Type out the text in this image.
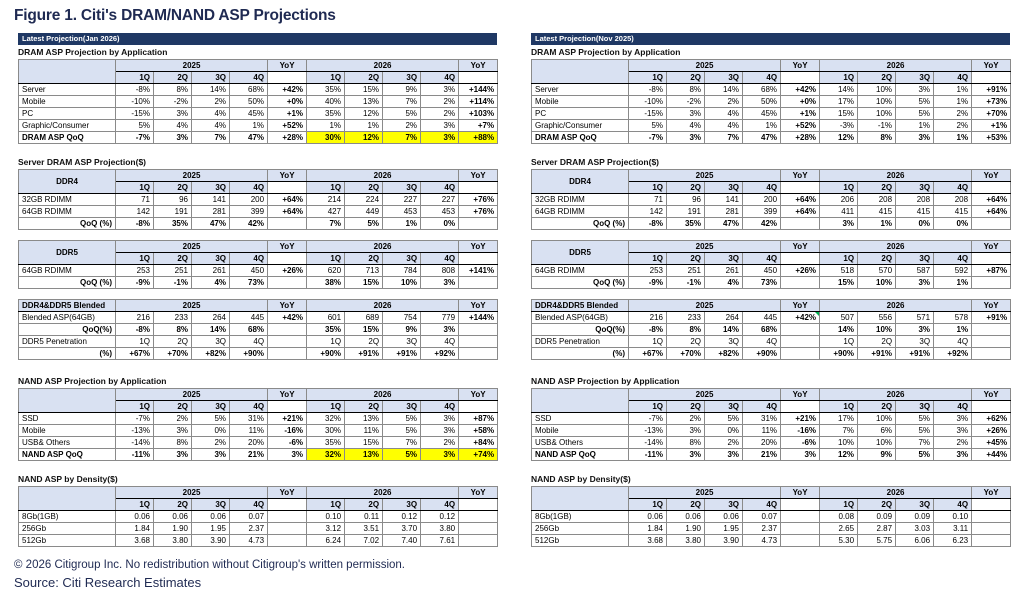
Figure 1. Citi's DRAM/NAND ASP Projections
Latest Projection(Jan 2026)
DRAM ASP Projection by Application
	2025				YoY	2026				YoY
	1Q	2Q	3Q	4Q		1Q	2Q	3Q	4Q	
Server	-8%	8%	14%	68%	+42%	35%	15%	9%	3%	+144%
Mobile	-10%	-2%	2%	50%	+0%	40%	13%	7%	2%	+114%
PC	-15%	3%	4%	45%	+1%	35%	12%	5%	2%	+103%
Graphic/Consumer	5%	4%	4%	1%	+52%	1%	1%	2%	3%	+7%
DRAM ASP QoQ	-7%	3%	7%	47%	+28%	30%	12%	7%	3%	+88%
Server DRAM ASP Projection($)
DDR4	2025				YoY	2026				YoY
	1Q	2Q	3Q	4Q		1Q	2Q	3Q	4Q	
32GB RDIMM	71	96	141	200	+64%	214	224	227	227	+76%
64GB RDIMM	142	191	281	399	+64%	427	449	453	453	+76%
QoQ (%)	-8%	35%	47%	42%		7%	5%	1%	0%	
DDR5	2025				YoY	2026				YoY
	1Q	2Q	3Q	4Q		1Q	2Q	3Q	4Q	
64GB RDIMM	253	251	261	450	+26%	620	713	784	808	+141%
QoQ (%)	-9%	-1%	4%	73%		38%	15%	10%	3%	
DDR4&DDR5 Blended	2025				YoY	2026				YoY
Blended ASP(64GB)	216	233	264	445	+42%	601	689	754	779	+144%
QoQ(%)	-8%	8%	14%	68%		35%	15%	9%	3%	
DDR5 Penetration	1Q	2Q	3Q	4Q		1Q	2Q	3Q	4Q	
(%)	+67%	+70%	+82%	+90%		+90%	+91%	+91%	+92%	
NAND ASP Projection by Application
	2025				YoY	2026				YoY
	1Q	2Q	3Q	4Q		1Q	2Q	3Q	4Q	
SSD	-7%	2%	5%	31%	+21%	32%	13%	5%	3%	+87%
Mobile	-13%	3%	0%	11%	-16%	30%	11%	5%	3%	+58%
USB& Others	-14%	8%	2%	20%	-6%	35%	15%	7%	2%	+84%
NAND ASP QoQ	-11%	3%	3%	21%	3%	32%	13%	5%	3%	+74%
NAND ASP by Density($)
	2025				YoY	2026				YoY
	1Q	2Q	3Q	4Q		1Q	2Q	3Q	4Q	
8Gb(1GB)	0.06	0.06	0.06	0.07		0.10	0.11	0.12	0.12	
256Gb	1.84	1.90	1.95	2.37		3.12	3.51	3.70	3.80	
512Gb	3.68	3.80	3.90	4.73		6.24	7.02	7.40	7.61	
Latest Projection(Nov 2025)
DRAM ASP Projection by Application
	2025				YoY	2026				YoY
	1Q	2Q	3Q	4Q		1Q	2Q	3Q	4Q	
Server	-8%	8%	14%	68%	+42%	14%	10%	3%	1%	+91%
Mobile	-10%	-2%	2%	50%	+0%	17%	10%	5%	1%	+73%
PC	-15%	3%	4%	45%	+1%	15%	10%	5%	2%	+70%
Graphic/Consumer	5%	4%	4%	1%	+52%	-3%	-1%	1%	2%	+1%
DRAM ASP QoQ	-7%	3%	7%	47%	+28%	12%	8%	3%	1%	+53%
Server DRAM ASP Projection($)
DDR4	2025				YoY	2026				YoY
	1Q	2Q	3Q	4Q		1Q	2Q	3Q	4Q	
32GB RDIMM	71	96	141	200	+64%	206	208	208	208	+64%
64GB RDIMM	142	191	281	399	+64%	411	415	415	415	+64%
QoQ (%)	-8%	35%	47%	42%		3%	1%	0%	0%	
DDR5	2025				YoY	2026				YoY
	1Q	2Q	3Q	4Q		1Q	2Q	3Q	4Q	
64GB RDIMM	253	251	261	450	+26%	518	570	587	592	+87%
QoQ (%)	-9%	-1%	4%	73%		15%	10%	3%	1%	
DDR4&DDR5 Blended	2025				YoY	2026				YoY
Blended ASP(64GB)	216	233	264	445	+42%	507	556	571	578	+91%
QoQ(%)	-8%	8%	14%	68%		14%	10%	3%	1%	
DDR5 Penetration	1Q	2Q	3Q	4Q		1Q	2Q	3Q	4Q	
(%)	+67%	+70%	+82%	+90%		+90%	+91%	+91%	+92%	
NAND ASP Projection by Application
	2025				YoY	2026				YoY
	1Q	2Q	3Q	4Q		1Q	2Q	3Q	4Q	
SSD	-7%	2%	5%	31%	+21%	17%	10%	5%	3%	+62%
Mobile	-13%	3%	0%	11%	-16%	7%	6%	5%	3%	+26%
USB& Others	-14%	8%	2%	20%	-6%	10%	10%	7%	2%	+45%
NAND ASP QoQ	-11%	3%	3%	21%	3%	12%	9%	5%	3%	+44%
NAND ASP by Density($)
	2025				YoY	2026				YoY
	1Q	2Q	3Q	4Q		1Q	2Q	3Q	4Q	
8Gb(1GB)	0.06	0.06	0.06	0.07		0.08	0.09	0.09	0.10	
256Gb	1.84	1.90	1.95	2.37		2.65	2.87	3.03	3.11	
512Gb	3.68	3.80	3.90	4.73		5.30	5.75	6.06	6.23	
© 2026 Citigroup Inc. No redistribution without Citigroup's written permission.
Source: Citi Research Estimates
